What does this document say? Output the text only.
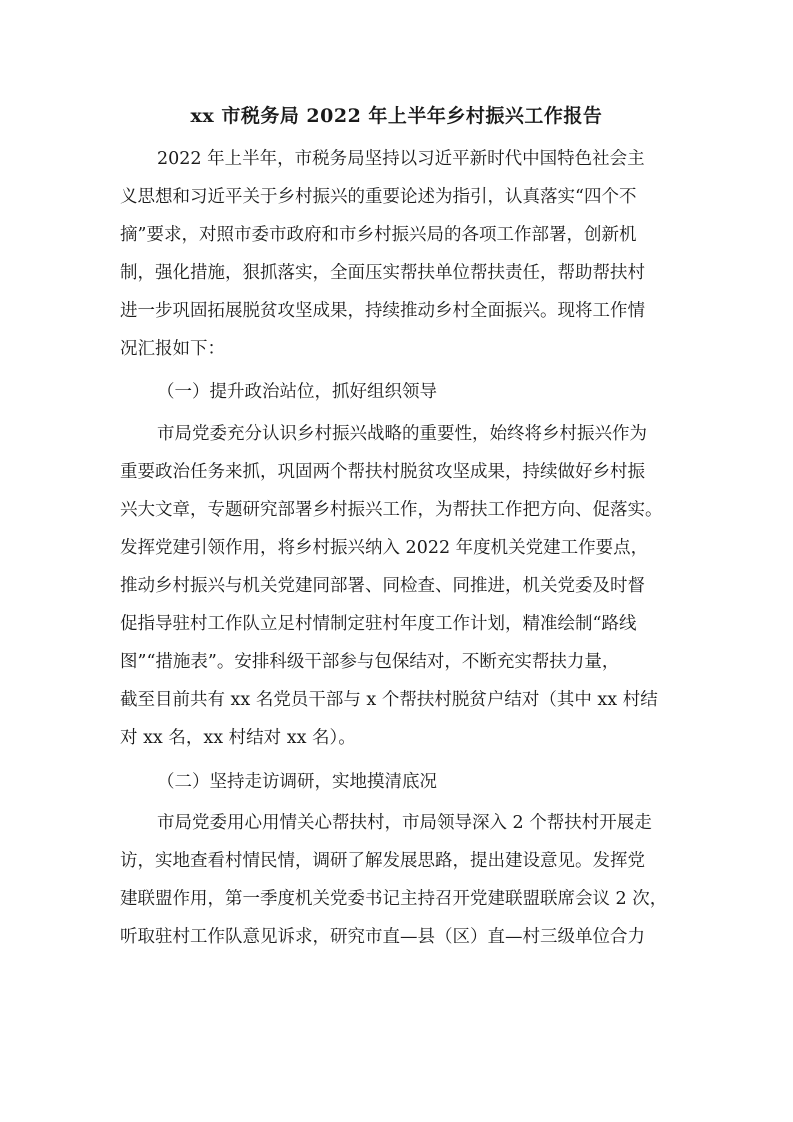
xx 市税务局 2022 年上半年乡村振兴工作报告
2022 年上半年，市税务局坚持以习近平新时代中国特色社会主
义思想和习近平关于乡村振兴的重要论述为指引，认真落实“四个不
摘”要求，对照市委市政府和市乡村振兴局的各项工作部署，创新机
制，强化措施，狠抓落实，全面压实帮扶单位帮扶责任，帮助帮扶村
进一步巩固拓展脱贫攻坚成果，持续推动乡村全面振兴。现将工作情
况汇报如下：
（一）提升政治站位，抓好组织领导
市局党委充分认识乡村振兴战略的重要性，始终将乡村振兴作为
重要政治任务来抓，巩固两个帮扶村脱贫攻坚成果，持续做好乡村振
兴大文章，专题研究部署乡村振兴工作，为帮扶工作把方向、促落实。
发挥党建引领作用，将乡村振兴纳入 2022 年度机关党建工作要点，
推动乡村振兴与机关党建同部署、同检查、同推进，机关党委及时督
促指导驻村工作队立足村情制定驻村年度工作计划，精准绘制“路线
图”“措施表”。安排科级干部参与包保结对，不断充实帮扶力量，
截至目前共有 xx 名党员干部与 x 个帮扶村脱贫户结对（其中 xx 村结
对 xx 名，xx 村结对 xx 名）。
（二）坚持走访调研，实地摸清底况
市局党委用心用情关心帮扶村，市局领导深入 2 个帮扶村开展走
访，实地查看村情民情，调研了解发展思路，提出建设意见。发挥党
建联盟作用，第一季度机关党委书记主持召开党建联盟联席会议 2 次，
听取驻村工作队意见诉求，研究市直—县（区）直—村三级单位合力
